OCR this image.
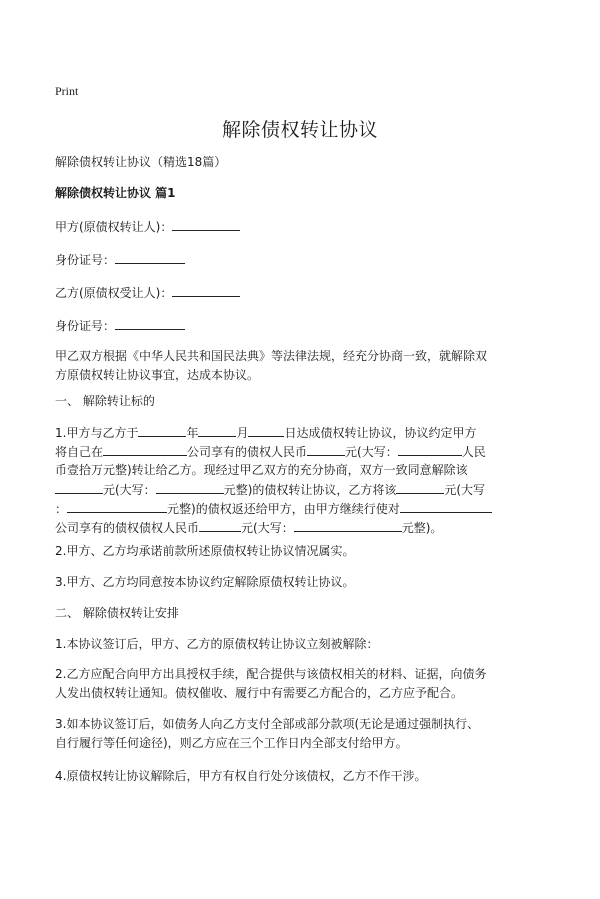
Print
解除债权转让协议
解除债权转让协议（精选18篇）
解除债权转让协议 篇1
甲方(原债权转让人)：
身份证号：
乙方(原债权受让人)：
身份证号：
甲乙双方根据《中华人民共和国民法典》等法律法规，经充分协商一致，就解除双
方原债权转让协议事宜，达成本协议。
一、 解除转让标的
1.甲方与乙方于	年	月	日达成债权转让协议，协议约定甲方
将自己在	公司享有的债权人民币	元(大写：	人民
币壹拾万元整)转让给乙方。现经过甲乙双方的充分协商，双方一致同意解除该
元(大写：	元整)的债权转让协议，乙方将该	元(大写
：	元整)的债权返还给甲方，由甲方继续行使对
公司享有的债权债权人民币	元(大写：	元整)。
2.甲方、乙方均承诺前款所述原债权转让协议情况属实。
3.甲方、乙方均同意按本协议约定解除原债权转让协议。
二、 解除债权转让安排
1.本协议签订后，甲方、乙方的原债权转让协议立刻被解除：
2.乙方应配合向甲方出具授权手续，配合提供与该债权相关的材料、证据，向债务
人发出债权转让通知。债权催收、履行中有需要乙方配合的，乙方应予配合。
3.如本协议签订后，如债务人向乙方支付全部或部分款项(无论是通过强制执行、
自行履行等任何途径)，则乙方应在三个工作日内全部支付给甲方。
4.原债权转让协议解除后，甲方有权自行处分该债权，乙方不作干涉。
